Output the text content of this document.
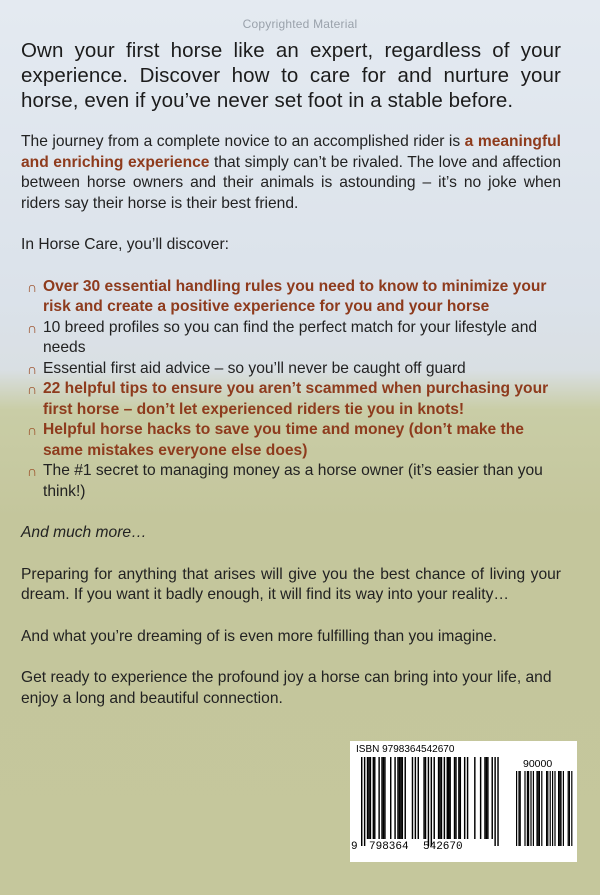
Copyrighted Material

Own your first horse like an expert, regardless of your experience. Discover how to care for and nurture your horse, even if you’ve never set foot in a stable before.

The journey from a complete novice to an accomplished rider is a meaningful and enriching experience that simply can’t be rivaled. The love and affection between horse owners and their animals is astounding – it’s no joke when riders say their horse is their best friend.

In Horse Care, you’ll discover:

∩ Over 30 essential handling rules you need to know to minimize your risk and create a positive experience for you and your horse
∩ 10 breed profiles so you can find the perfect match for your lifestyle and needs
∩ Essential first aid advice – so you’ll never be caught off guard
∩ 22 helpful tips to ensure you aren’t scammed when purchasing your first horse – don’t let experienced riders tie you in knots!
∩ Helpful horse hacks to save you time and money (don’t make the same mistakes everyone else does)
∩ The #1 secret to managing money as a horse owner (it’s easier than you think!)

And much more…

Preparing for anything that arises will give you the best chance of living your dream. If you want it badly enough, it will find its way into your reality…

And what you’re dreaming of is even more fulfilling than you imagine.

Get ready to experience the profound joy a horse can bring into your life, and enjoy a long and beautiful connection.

ISBN 9798364542670
90000
9 798364 542670
